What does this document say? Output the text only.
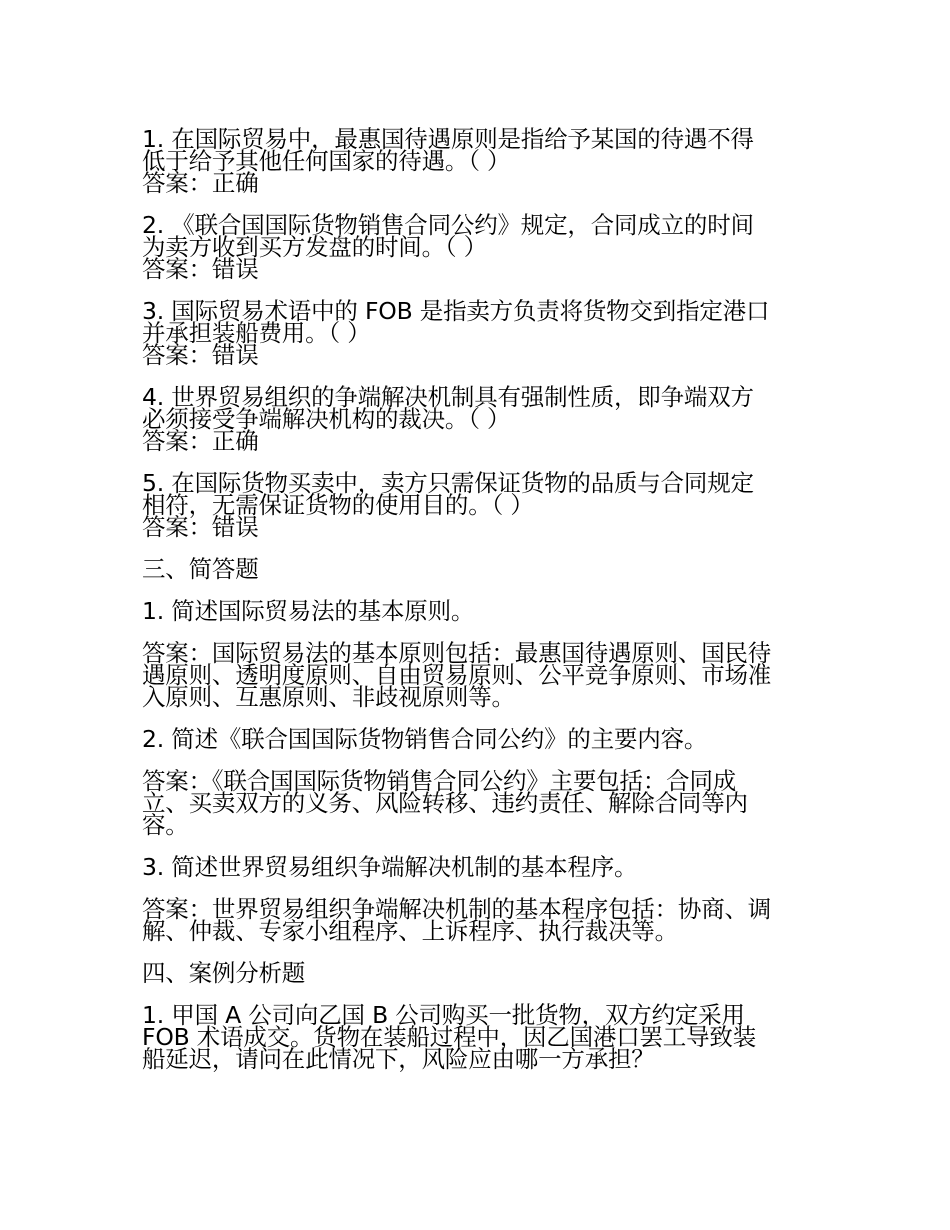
1. 在国际贸易中，最惠国待遇原则是指给予某国的待遇不得
低于给予其他任何国家的待遇。（ ）
答案：正确
2. 《联合国国际货物销售合同公约》规定，合同成立的时间
为卖方收到买方发盘的时间。（ ）
答案：错误
3. 国际贸易术语中的 FOB 是指卖方负责将货物交到指定港口
并承担装船费用。（ ）
答案：错误
4. 世界贸易组织的争端解决机制具有强制性质，即争端双方
必须接受争端解决机构的裁决。（ ）
答案：正确
5. 在国际货物买卖中，卖方只需保证货物的品质与合同规定
相符，无需保证货物的使用目的。（ ）
答案：错误
三、简答题
1. 简述国际贸易法的基本原则。
答案：国际贸易法的基本原则包括：最惠国待遇原则、国民待
遇原则、透明度原则、自由贸易原则、公平竞争原则、市场准
入原则、互惠原则、非歧视原则等。
2. 简述《联合国国际货物销售合同公约》的主要内容。
答案：《联合国国际货物销售合同公约》主要包括：合同成
立、买卖双方的义务、风险转移、违约责任、解除合同等内
容。
3. 简述世界贸易组织争端解决机制的基本程序。
答案：世界贸易组织争端解决机制的基本程序包括：协商、调
解、仲裁、专家小组程序、上诉程序、执行裁决等。
四、案例分析题
1. 甲国 A 公司向乙国 B 公司购买一批货物，双方约定采用
FOB 术语成交。货物在装船过程中，因乙国港口罢工导致装
船延迟，请问在此情况下，风险应由哪一方承担？
